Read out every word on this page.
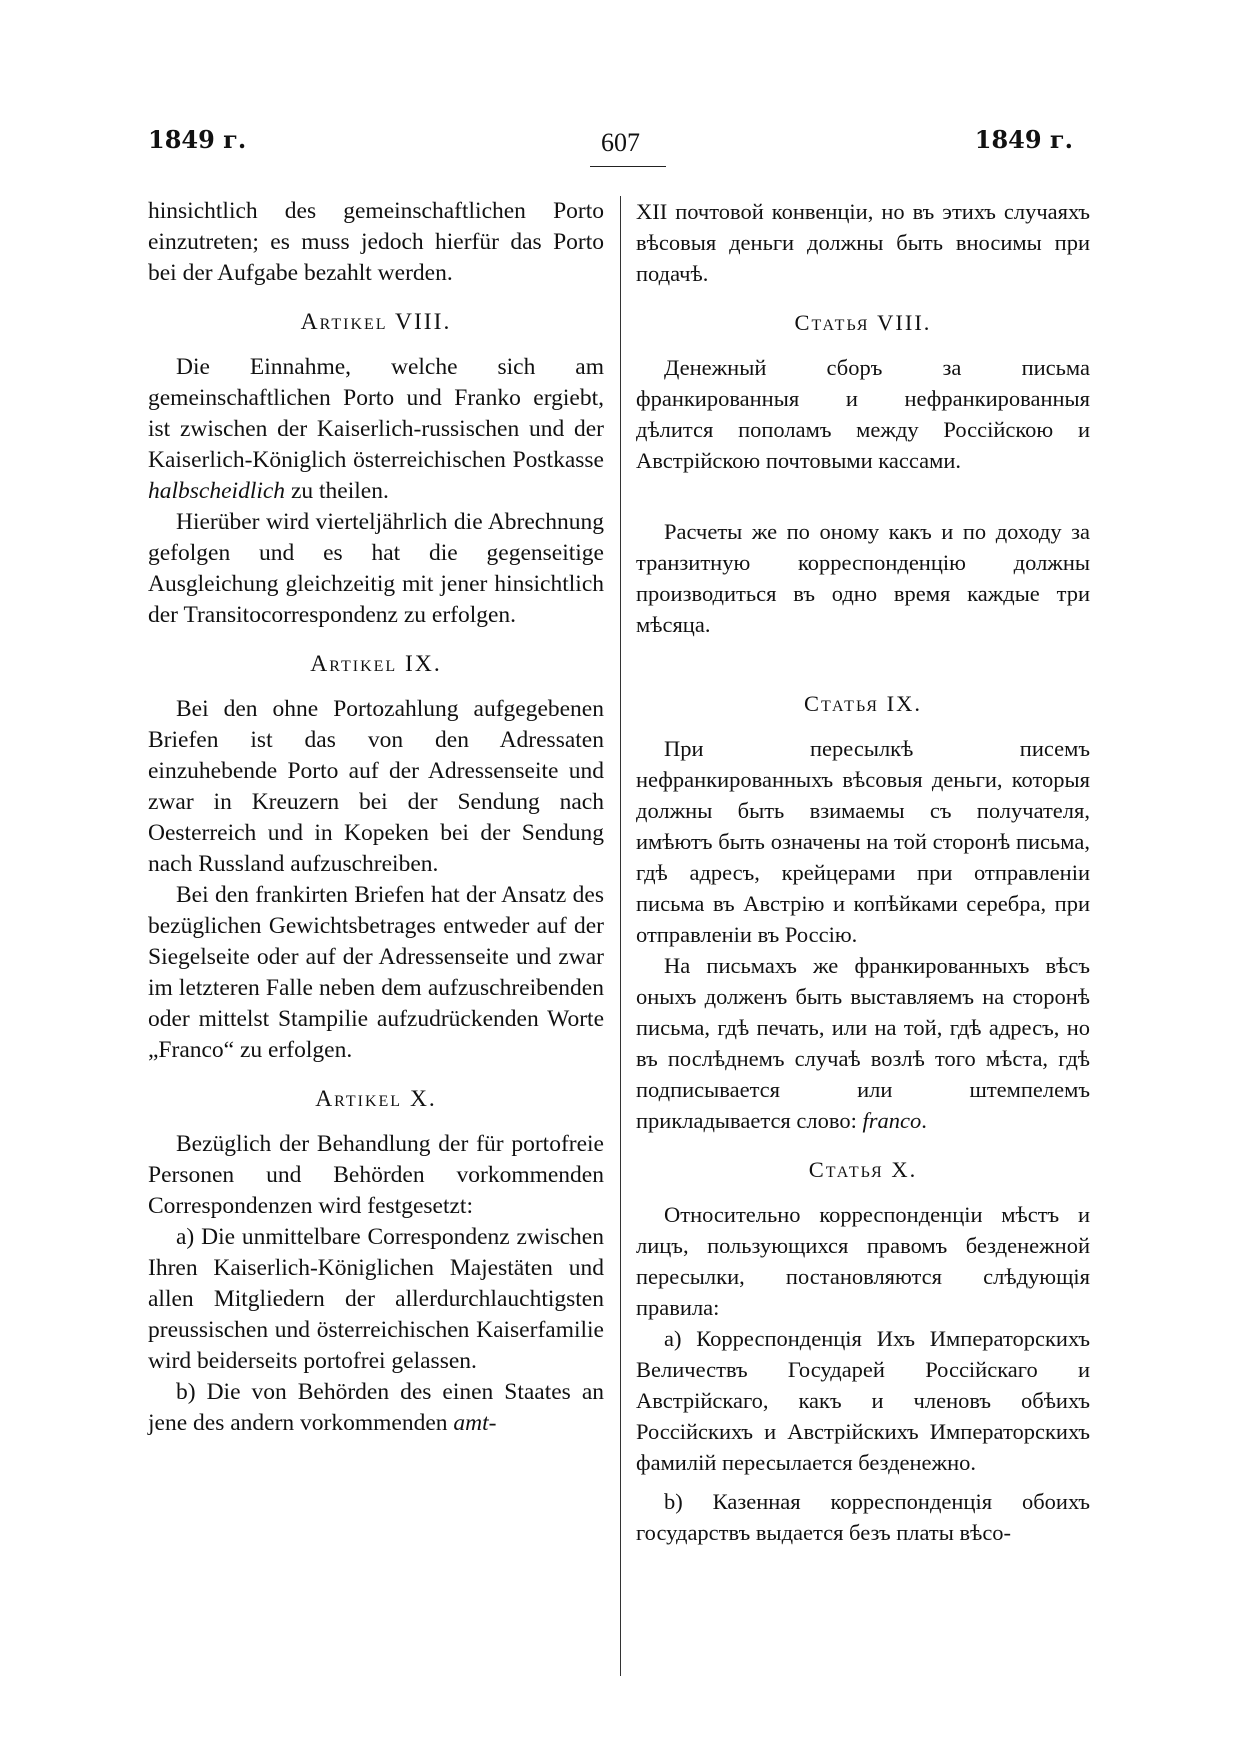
1849 г.	607	1849 г.

hinsichtlich des gemeinschaftlichen Porto einzutreten; es muss jedoch hierfür das Porto bei der Aufgabe bezahlt werden.

Artikel VIII.

Die Einnahme, welche sich am gemeinschaftlichen Porto und Franko ergiebt, ist zwischen der Kaiserlich-russischen und der Kaiserlich-Königlich österreichischen Postkasse halbscheidlich zu theilen.

Hierüber wird vierteljährlich die Abrechnung gefolgen und es hat die gegenseitige Ausgleichung gleichzeitig mit jener hinsichtlich der Transitocorrespondenz zu erfolgen.

Artikel IX.

Bei den ohne Portozahlung aufgegebenen Briefen ist das von den Adressaten einzuhebende Porto auf der Adressenseite und zwar in Kreuzern bei der Sendung nach Oesterreich und in Kopeken bei der Sendung nach Russland aufzuschreiben.

Bei den frankirten Briefen hat der Ansatz des bezüglichen Gewichtsbetrages entweder auf der Siegelseite oder auf der Adressenseite und zwar im letzteren Falle neben dem aufzuschreibenden oder mittelst Stampilie aufzudrückenden Worte „Franco“ zu erfolgen.

Artikel X.

Bezüglich der Behandlung der für portofreie Personen und Behörden vorkommenden Correspondenzen wird festgesetzt:

a) Die unmittelbare Correspondenz zwischen Ihren Kaiserlich-Königlichen Majestäten und allen Mitgliedern der allerdurchlauchtigsten preussischen und österreichischen Kaiserfamilie wird beiderseits portofrei gelassen.

b) Die von Behörden des einen Staates an jene des andern vorkommenden amt-

XII почтовой конвенціи, но въ этихъ случаяхъ вѣсовыя деньги должны быть вносимы при подачѣ.

Статья VIII.

Денежный сборъ за письма франкированныя и нефранкированныя дѣлится пополамъ между Россійскою и Австрійскою почтовыми кассами.

Расчеты же по оному какъ и по доходу за транзитную корреспонденцію должны производиться въ одно время каждые три мѣсяца.

Статья IX.

При пересылкѣ писемъ нефранкированныхъ вѣсовыя деньги, которыя должны быть взимаемы съ получателя, имѣютъ быть означены на той сторонѣ письма, гдѣ адресъ, крейцерами при отправленіи письма въ Австрію и копѣйками серебра, при отправленіи въ Россію.

На письмахъ же франкированныхъ вѣсъ оныхъ долженъ быть выставляемъ на сторонѣ письма, гдѣ печать, или на той, гдѣ адресъ, но въ послѣднемъ случаѣ возлѣ того мѣста, гдѣ подписывается или штемпелемъ прикладывается слово: franco.

Статья X.

Относительно корреспонденціи мѣстъ и лицъ, пользующихся правомъ безденежной пересылки, постановляются слѣдующія правила:

а) Корреспонденція Ихъ Императорскихъ Величествъ Государей Россійскаго и Австрійскаго, какъ и членовъ обѣихъ Россійскихъ и Австрійскихъ Императорскихъ фамилій пересылается безденежно.

b) Казенная корреспонденція обоихъ государствъ выдается безъ платы вѣсо-
